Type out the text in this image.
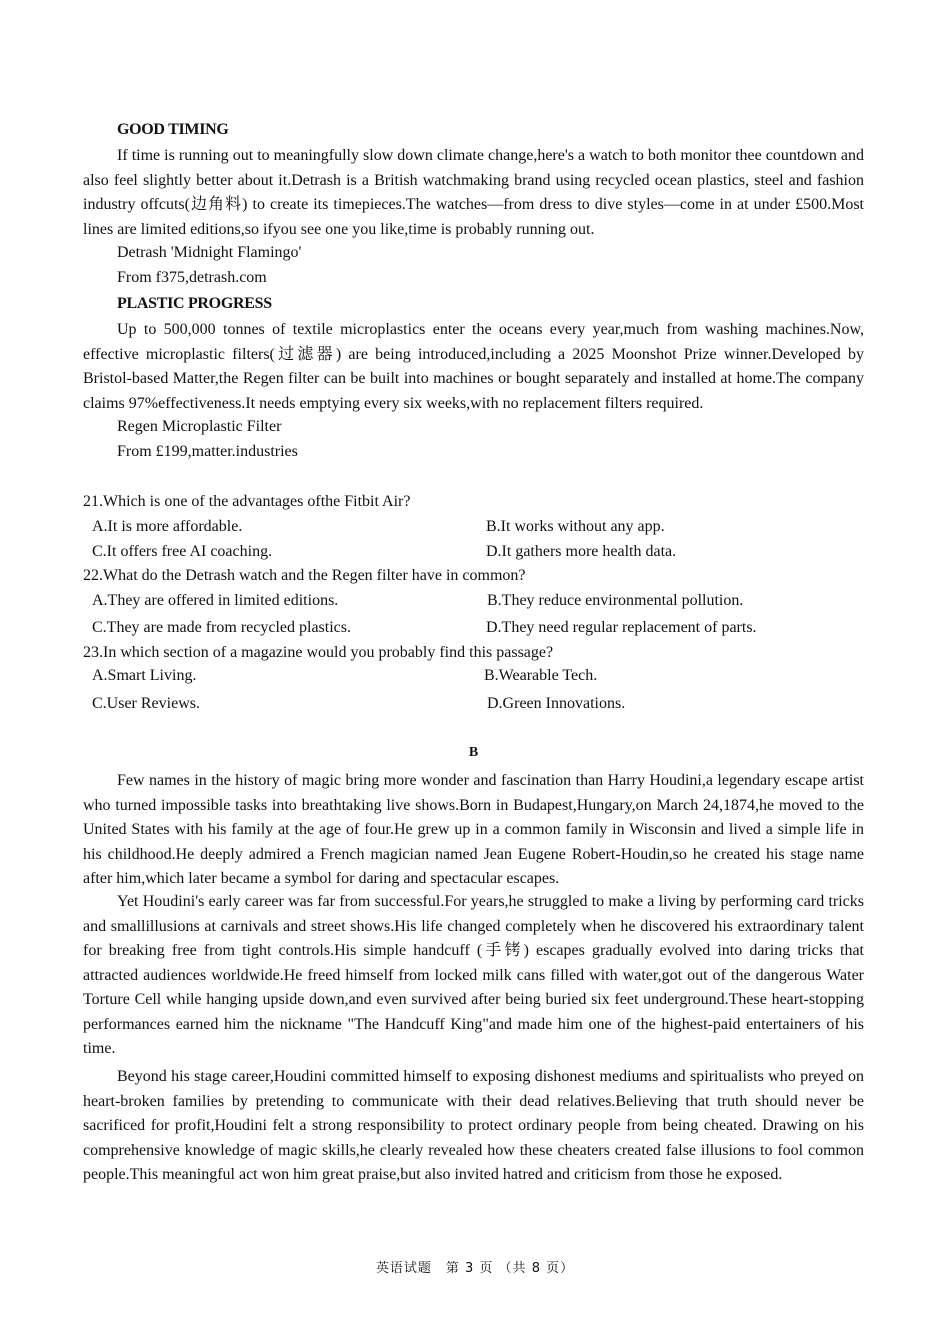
GOOD TIMING

If time is running out to meaningfully slow down climate change,here's a watch to both monitor thee countdown and also feel slightly better about it.Detrash is a British watchmaking brand using recycled ocean plastics, steel and fashion industry offcuts(边角料) to create its timepieces.The watches—from dress to dive styles—come in at under £500.Most lines are limited editions,so ifyou see one you like,time is probably running out.

Detrash 'Midnight Flamingo'

From f375,detrash.com

PLASTIC PROGRESS

Up to 500,000 tonnes of textile microplastics enter the oceans every year,much from washing machines.Now, effective microplastic filters(过滤器) are being introduced,including a 2025 Moonshot Prize winner.Developed by Bristol-based Matter,the Regen filter can be built into machines or bought separately and installed at home.The company claims 97%effectiveness.It needs emptying every six weeks,with no replacement filters required.

Regen Microplastic Filter

From £199,matter.industries

21.Which is one of the advantages ofthe Fitbit Air?

A.It is more affordable.	B.It works without any app.

C.It offers free AI coaching.	D.It gathers more health data.

22.What do the Detrash watch and the Regen filter have in common?

A.They are offered in limited editions.	B.They reduce environmental pollution.

C.They are made from recycled plastics.	D.They need regular replacement of parts.

23.In which section of a magazine would you probably find this passage?

A.Smart Living.	B.Wearable Tech.

C.User Reviews.	D.Green Innovations.

B

Few names in the history of magic bring more wonder and fascination than Harry Houdini,a legendary escape artist who turned impossible tasks into breathtaking live shows.Born in Budapest,Hungary,on March 24,1874,he moved to the United States with his family at the age of four.He grew up in a common family in Wisconsin and lived a simple life in his childhood.He deeply admired a French magician named Jean Eugene Robert-Houdin,so he created his stage name after him,which later became a symbol for daring and spectacular escapes.

Yet Houdini's early career was far from successful.For years,he struggled to make a living by performing card tricks and smallillusions at carnivals and street shows.His life changed completely when he discovered his extraordinary talent for breaking free from tight controls.His simple handcuff (手铐) escapes gradually evolved into daring tricks that attracted audiences worldwide.He freed himself from locked milk cans filled with water,got out of the dangerous Water Torture Cell while hanging upside down,and even survived after being buried six feet underground.These heart-stopping performances earned him the nickname "The Handcuff King"and made him one of the highest-paid entertainers of his time.

Beyond his stage career,Houdini committed himself to exposing dishonest mediums and spiritualists who preyed on heart-broken families by pretending to communicate with their dead relatives.Believing that truth should never be sacrificed for profit,Houdini felt a strong responsibility to protect ordinary people from being cheated. Drawing on his comprehensive knowledge of magic skills,he clearly revealed how these cheaters created false illusions to fool common people.This meaningful act won him great praise,but also invited hatred and criticism from those he exposed.

英语试题　第 3 页 （共 8 页）
